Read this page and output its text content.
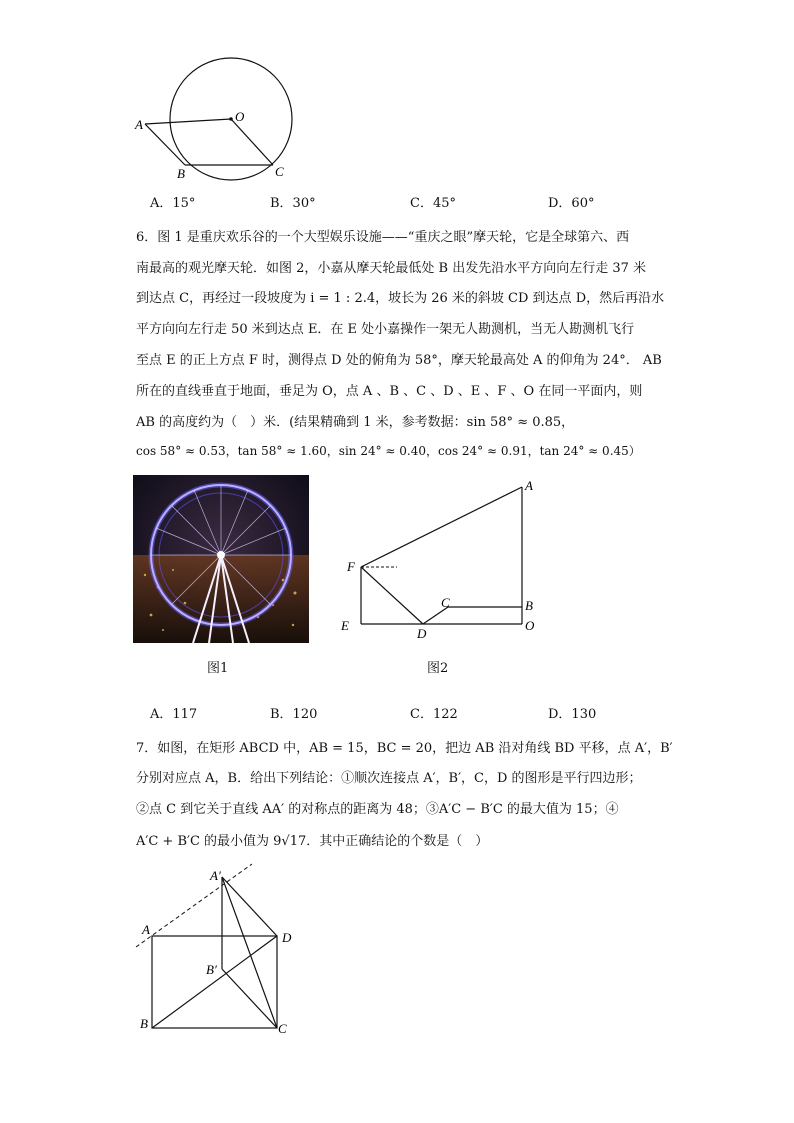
A
O
B	C
A．15°	B．30°	C．45°	D．60°
6．图 1 是重庆欢乐谷的一个大型娱乐设施——“重庆之眼”摩天轮，它是全球第六、西
南最高的观光摩天轮．如图 2，小嘉从摩天轮最低处 B 出发先沿水平方向向左行走 37 米
到达点 C，再经过一段坡度为 i = 1 : 2.4，坡长为 26 米的斜坡 CD 到达点 D，然后再沿水
平方向向左行走 50 米到达点 E．在 E 处小嘉操作一架无人勘测机，当无人勘测机飞行
至点 E 的正上方点 F 时，测得点 D 处的俯角为 58°，摩天轮最高处 A 的仰角为 24°． AB
所在的直线垂直于地面，垂足为 O，点 A 、B 、C 、D 、E 、F 、O 在同一平面内，则
AB 的高度约为（　）米．(结果精确到 1 米，参考数据：sin 58° ≈ 0.85，
cos 58° ≈ 0.53，tan 58° ≈ 1.60，sin 24° ≈ 0.40，cos 24° ≈ 0.91，tan 24° ≈ 0.45）
图1
A
F
C	B
E
D
O
图2
A．117	B．120	C．122	D．130
7．如图，在矩形 ABCD 中，AB = 15，BC = 20，把边 AB 沿对角线 BD 平移，点 A′，B′
分别对应点 A，B．给出下列结论：①顺次连接点 A′，B′，C，D 的图形是平行四边形；
②点 C 到它关于直线 AA′ 的对称点的距离为 48；③A′C − B′C 的最大值为 15；④
A′C + B′C 的最小值为 9√17．其中正确结论的个数是（　）
A′
A
D
B′
B	C
